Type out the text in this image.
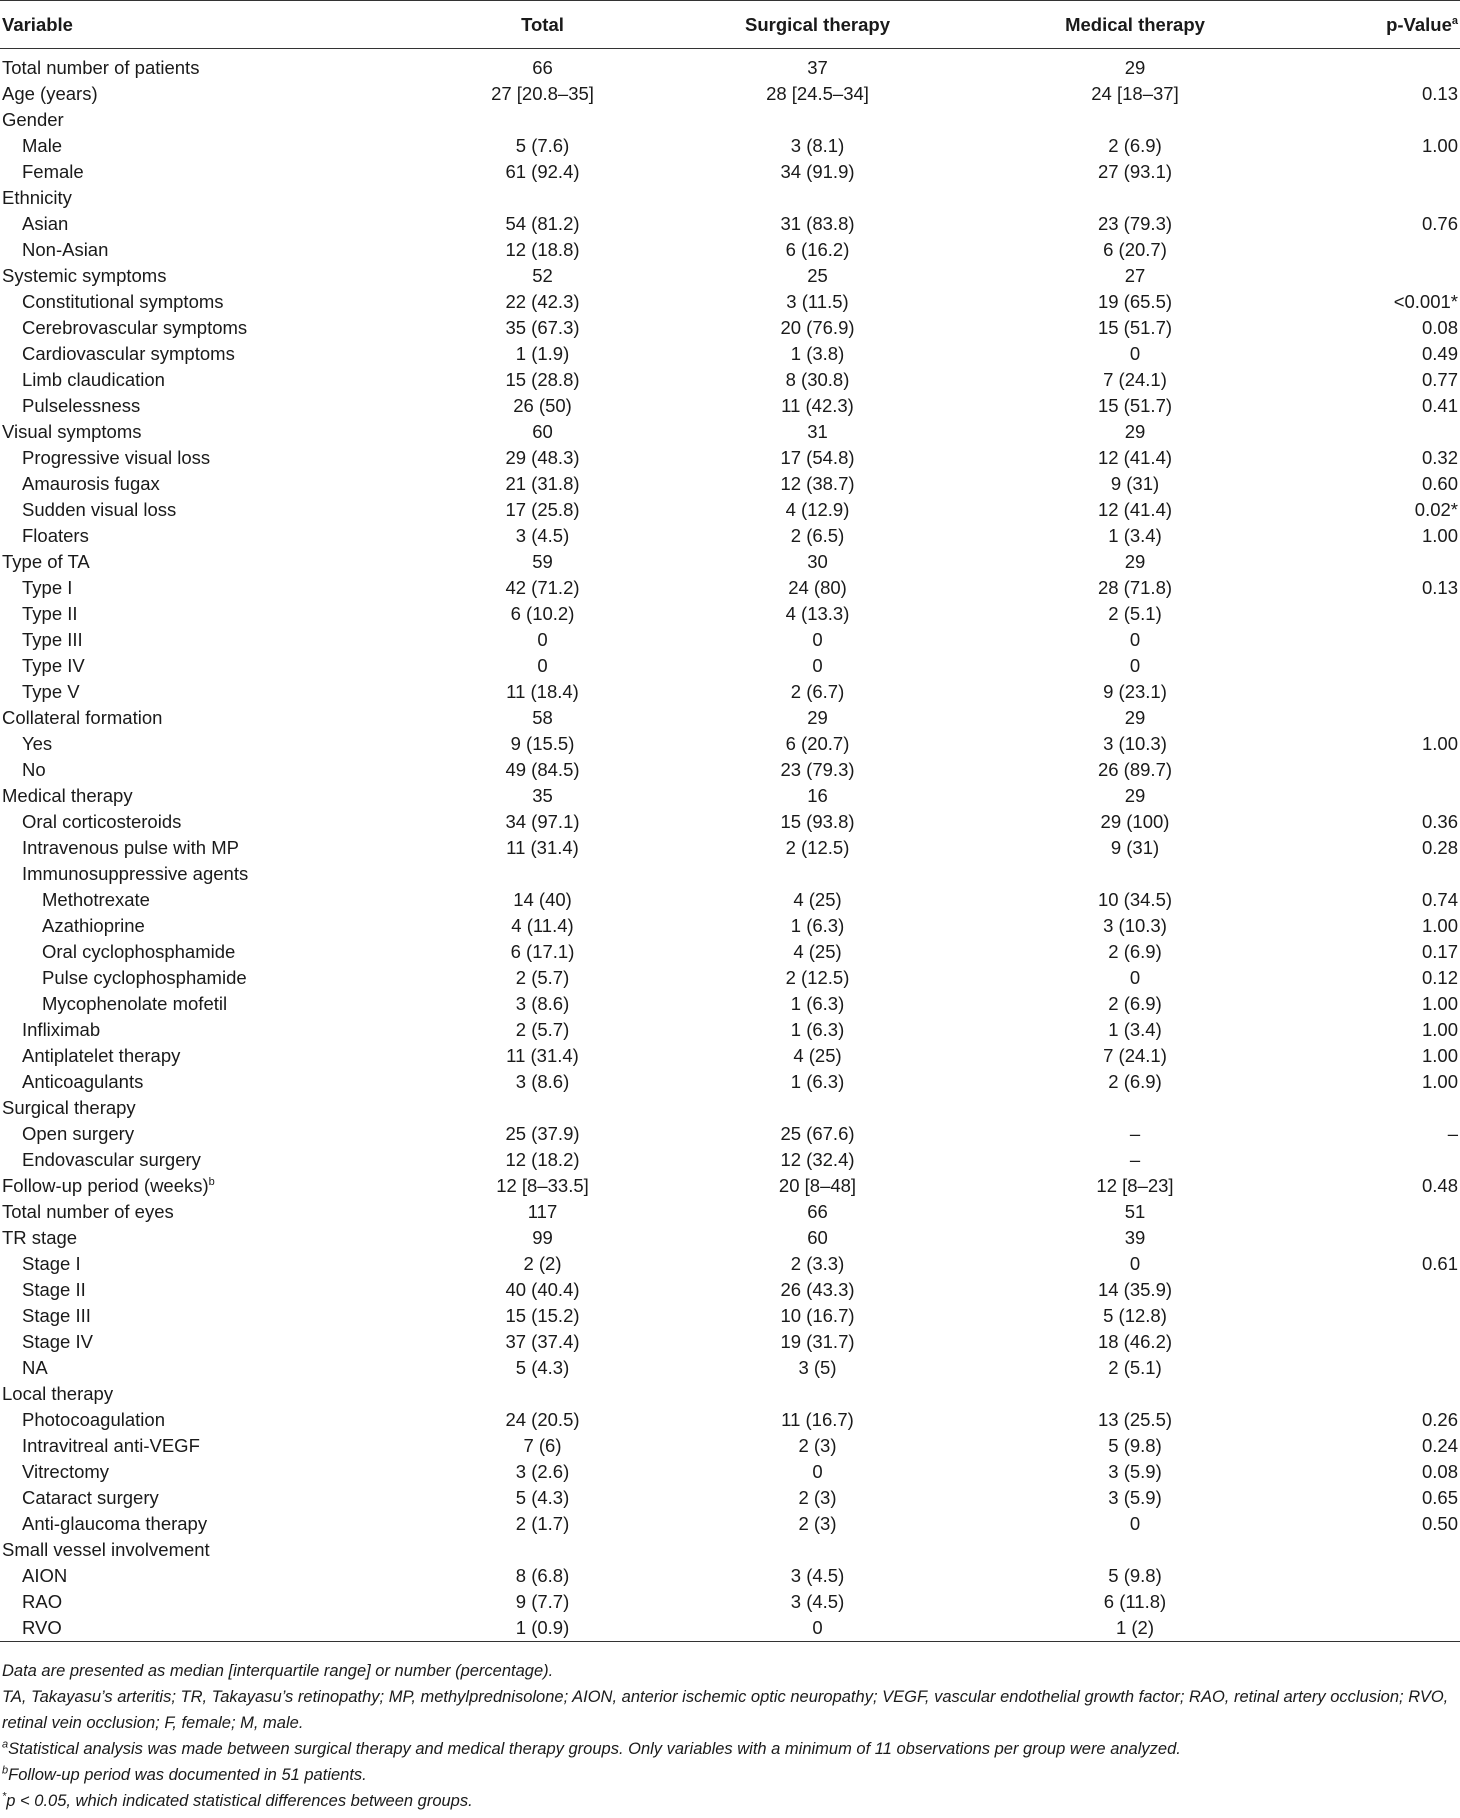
Variable	Total	Surgical therapy	Medical therapy	p-Value$^a$
Total number of patients	66	37	29	
Age (years)	27 [20.8–35]	28 [24.5–34]	24 [18–37]	0.13
Gender				
Male	5 (7.6)	3 (8.1)	2 (6.9)	1.00
Female	61 (92.4)	34 (91.9)	27 (93.1)	
Ethnicity				
Asian	54 (81.2)	31 (83.8)	23 (79.3)	0.76
Non-Asian	12 (18.8)	6 (16.2)	6 (20.7)	
Systemic symptoms	52	25	27	
Constitutional symptoms	22 (42.3)	3 (11.5)	19 (65.5)	<0.001*
Cerebrovascular symptoms	35 (67.3)	20 (76.9)	15 (51.7)	0.08
Cardiovascular symptoms	1 (1.9)	1 (3.8)	0	0.49
Limb claudication	15 (28.8)	8 (30.8)	7 (24.1)	0.77
Pulselessness	26 (50)	11 (42.3)	15 (51.7)	0.41
Visual symptoms	60	31	29	
Progressive visual loss	29 (48.3)	17 (54.8)	12 (41.4)	0.32
Amaurosis fugax	21 (31.8)	12 (38.7)	9 (31)	0.60
Sudden visual loss	17 (25.8)	4 (12.9)	12 (41.4)	0.02*
Floaters	3 (4.5)	2 (6.5)	1 (3.4)	1.00
Type of TA	59	30	29	
Type I	42 (71.2)	24 (80)	28 (71.8)	0.13
Type II	6 (10.2)	4 (13.3)	2 (5.1)	
Type III	0	0	0	
Type IV	0	0	0	
Type V	11 (18.4)	2 (6.7)	9 (23.1)	
Collateral formation	58	29	29	
Yes	9 (15.5)	6 (20.7)	3 (10.3)	1.00
No	49 (84.5)	23 (79.3)	26 (89.7)	
Medical therapy	35	16	29	
Oral corticosteroids	34 (97.1)	15 (93.8)	29 (100)	0.36
Intravenous pulse with MP	11 (31.4)	2 (12.5)	9 (31)	0.28
Immunosuppressive agents				
Methotrexate	14 (40)	4 (25)	10 (34.5)	0.74
Azathioprine	4 (11.4)	1 (6.3)	3 (10.3)	1.00
Oral cyclophosphamide	6 (17.1)	4 (25)	2 (6.9)	0.17
Pulse cyclophosphamide	2 (5.7)	2 (12.5)	0	0.12
Mycophenolate mofetil	3 (8.6)	1 (6.3)	2 (6.9)	1.00
Infliximab	2 (5.7)	1 (6.3)	1 (3.4)	1.00
Antiplatelet therapy	11 (31.4)	4 (25)	7 (24.1)	1.00
Anticoagulants	3 (8.6)	1 (6.3)	2 (6.9)	1.00
Surgical therapy				
Open surgery	25 (37.9)	25 (67.6)	–	–
Endovascular surgery	12 (18.2)	12 (32.4)	–	
Follow-up period (weeks)$^b$	12 [8–33.5]	20 [8–48]	12 [8–23]	0.48
Total number of eyes	117	66	51	
TR stage	99	60	39	
Stage I	2 (2)	2 (3.3)	0	0.61
Stage II	40 (40.4)	26 (43.3)	14 (35.9)	
Stage III	15 (15.2)	10 (16.7)	5 (12.8)	
Stage IV	37 (37.4)	19 (31.7)	18 (46.2)	
NA	5 (4.3)	3 (5)	2 (5.1)	
Local therapy				
Photocoagulation	24 (20.5)	11 (16.7)	13 (25.5)	0.26
Intravitreal anti-VEGF	7 (6)	2 (3)	5 (9.8)	0.24
Vitrectomy	3 (2.6)	0	3 (5.9)	0.08
Cataract surgery	5 (4.3)	2 (3)	3 (5.9)	0.65
Anti-glaucoma therapy	2 (1.7)	2 (3)	0	0.50
Small vessel involvement				
AION	8 (6.8)	3 (4.5)	5 (9.8)	
RAO	9 (7.7)	3 (4.5)	6 (11.8)	
RVO	1 (0.9)	0	1 (2)	

Data are presented as median [interquartile range] or number (percentage).

TA, Takayasu’s arteritis; TR, Takayasu’s retinopathy; MP, methylprednisolone; AION, anterior ischemic optic neuropathy; VEGF, vascular endothelial growth factor; RAO, retinal artery occlusion; RVO, retinal vein occlusion; F, female; M, male.

$^a$Statistical analysis was made between surgical therapy and medical therapy groups. Only variables with a minimum of 11 observations per group were analyzed.

$^b$Follow-up period was documented in 51 patients.

*p < 0.05, which indicated statistical differences between groups.
